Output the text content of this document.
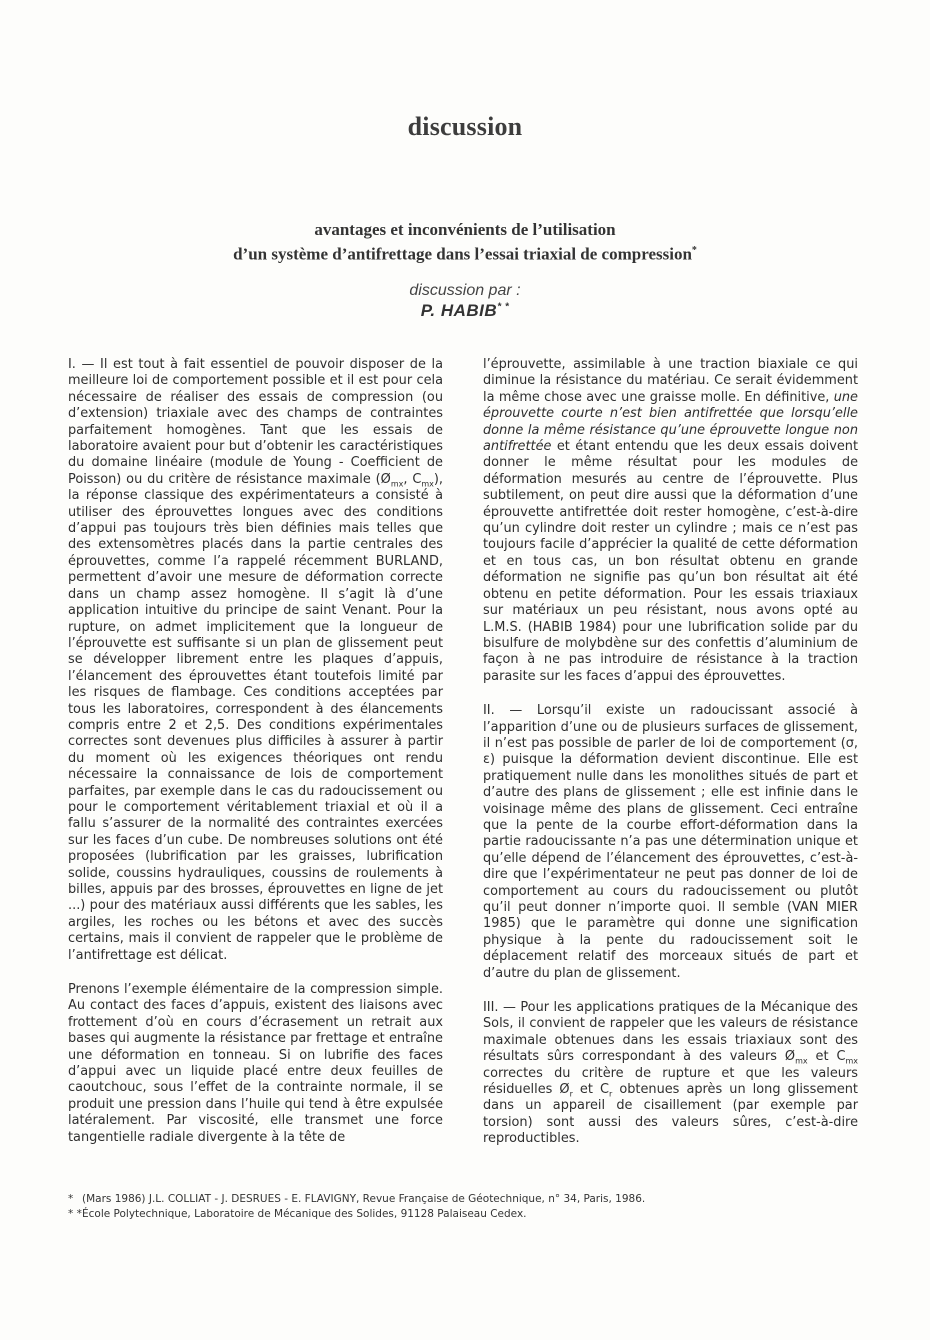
discussion
avantages et inconvénients de l’utilisation
d’un système d’antifrettage dans l’essai triaxial de compression*
discussion par :
P. HABIB* *

I. — Il est tout à fait essentiel de pouvoir disposer de la meilleure loi de comportement possible et il est pour cela nécessaire de réaliser des essais de compression (ou d’extension) triaxiale avec des champs de contraintes parfaitement homogènes. Tant que les essais de laboratoire avaient pour but d’obtenir les caractéristiques du domaine linéaire (module de Young - Coefficient de Poisson) ou du critère de résistance maximale ($Ø_{mx}$, $C_{mx}$), la réponse classique des expérimentateurs a consisté à utiliser des éprouvettes longues avec des conditions d’appui pas toujours très bien définies mais telles que des extensomètres placés dans la partie centrales des éprouvettes, comme l’a rappelé récemment BURLAND, permettent d’avoir une mesure de déformation correcte dans un champ assez homogène. Il s’agit là d’une application intuitive du principe de saint Venant. Pour la rupture, on admet implicitement que la longueur de l’éprouvette est suffisante si un plan de glissement peut se développer librement entre les plaques d’appuis, l’élancement des éprouvettes étant toutefois limité par les risques de flambage. Ces conditions acceptées par tous les laboratoires, correspondent à des élancements compris entre 2 et 2,5. Des conditions expérimentales correctes sont devenues plus difficiles à assurer à partir du moment où les exigences théoriques ont rendu nécessaire la connaissance de lois de comportement parfaites, par exemple dans le cas du radoucissement ou pour le comportement véritablement triaxial et où il a fallu s’assurer de la normalité des contraintes exercées sur les faces d’un cube. De nombreuses solutions ont été proposées (lubrification par les graisses, lubrification solide, coussins hydrauliques, coussins de roulements à billes, appuis par des brosses, éprouvettes en ligne de jet ...) pour des matériaux aussi différents que les sables, les argiles, les roches ou les bétons et avec des succès certains, mais il convient de rappeler que le problème de l’antifrettage est délicat.

Prenons l’exemple élémentaire de la compression simple. Au contact des faces d’appuis, existent des liaisons avec frottement d’où en cours d’écrasement un retrait aux bases qui augmente la résistance par frettage et entraîne une déformation en tonneau. Si on lubrifie des faces d’appui avec un liquide placé entre deux feuilles de caoutchouc, sous l’effet de la contrainte normale, il se produit une pression dans l’huile qui tend à être expulsée latéralement. Par viscosité, elle transmet une force tangentielle radiale divergente à la tête de

l’éprouvette, assimilable à une traction biaxiale ce qui diminue la résistance du matériau. Ce serait évidemment la même chose avec une graisse molle. En définitive, une éprouvette courte n’est bien antifrettée que lorsqu’elle donne la même résistance qu’une éprouvette longue non antifrettée et étant entendu que les deux essais doivent donner le même résultat pour les modules de déformation mesurés au centre de l’éprouvette. Plus subtilement, on peut dire aussi que la déformation d’une éprouvette antifrettée doit rester homogène, c’est-à-dire qu’un cylindre doit rester un cylindre ; mais ce n’est pas toujours facile d’apprécier la qualité de cette déformation et en tous cas, un bon résultat obtenu en grande déformation ne signifie pas qu’un bon résultat ait été obtenu en petite déformation. Pour les essais triaxiaux sur matériaux un peu résistant, nous avons opté au L.M.S. (HABIB 1984) pour une lubrification solide par du bisulfure de molybdène sur des confettis d’aluminium de façon à ne pas introduire de résistance à la traction parasite sur les faces d’appui des éprouvettes.

II. — Lorsqu’il existe un radoucissant associé à l’apparition d’une ou de plusieurs surfaces de glissement, il n’est pas possible de parler de loi de comportement (σ, ε) puisque la déformation devient discontinue. Elle est pratiquement nulle dans les monolithes situés de part et d’autre des plans de glissement ; elle est infinie dans le voisinage même des plans de glissement. Ceci entraîne que la pente de la courbe effort-déformation dans la partie radoucissante n’a pas une détermination unique et qu’elle dépend de l’élancement des éprouvettes, c’est-à-dire que l’expérimentateur ne peut pas donner de loi de comportement au cours du radoucissement ou plutôt qu’il peut donner n’importe quoi. Il semble (VAN MIER 1985) que le paramètre qui donne une signification physique à la pente du radoucissement soit le déplacement relatif des morceaux situés de part et d’autre du plan de glissement.

III. — Pour les applications pratiques de la Mécanique des Sols, il convient de rappeler que les valeurs de résistance maximale obtenues dans les essais triaxiaux sont des résultats sûrs correspondant à des valeurs $Ø_{mx}$ et $C_{mx}$ correctes du critère de rupture et que les valeurs résiduelles $Ø_r$ et $C_r$ obtenues après un long glissement dans un appareil de cisaillement (par exemple par torsion) sont aussi des valeurs sûres, c’est-à-dire reproductibles.

* (Mars 1986) J.L. COLLIAT - J. DESRUES - E. FLAVIGNY, Revue Française de Géotechnique, n° 34, Paris, 1986.
* *École Polytechnique, Laboratoire de Mécanique des Solides, 91128 Palaiseau Cedex.
